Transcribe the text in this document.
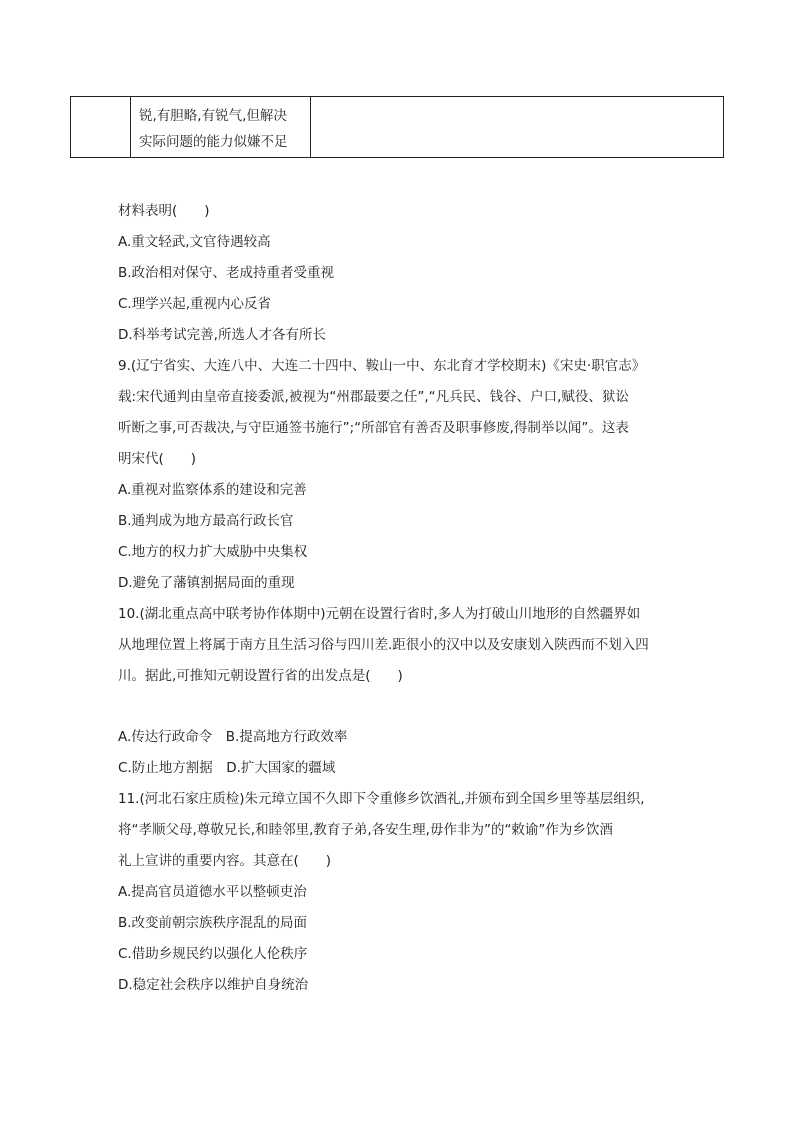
锐,有胆略,有锐气,但解决
实际问题的能力似嫌不足
材料表明(　　)
A.重文轻武,文官待遇较高
B.政治相对保守、老成持重者受重视
C.理学兴起,重视内心反省
D.科举考试完善,所选人才各有所长
9.(辽宁省实、大连八中、大连二十四中、鞍山一中、东北育才学校期末)《宋史·职官志》
载:宋代通判由皇帝直接委派,被视为“州郡最要之任”,“凡兵民、钱谷、户口,赋役、狱讼
听断之事,可否裁决,与守臣通签书施行”;“所部官有善否及职事修废,得制举以闻”。这表
明宋代(　　)
A.重视对监察体系的建设和完善
B.通判成为地方最高行政长官
C.地方的权力扩大威胁中央集权
D.避免了藩镇割据局面的重现
10.(湖北重点高中联考协作体期中)元朝在设置行省时,多人为打破山川地形的自然疆界如
从地理位置上将属于南方且生活习俗与四川差.距很小的汉中以及安康划入陕西而不划入四
川。据此,可推知元朝设置行省的出发点是(　　)
A.传达行政命令　B.提高地方行政效率
C.防止地方割据　D.扩大国家的疆域
11.(河北石家庄质检)朱元璋立国不久即下令重修乡饮酒礼,并颁布到全国乡里等基层组织,
将“孝顺父母,尊敬兄长,和睦邻里,教育子弟,各安生理,毋作非为”的“敕谕”作为乡饮酒
礼上宣讲的重要内容。其意在(　　)
A.提高官员道德水平以整顿吏治
B.改变前朝宗族秩序混乱的局面
C.借助乡规民约以强化人伦秩序
D.稳定社会秩序以维护自身统治
